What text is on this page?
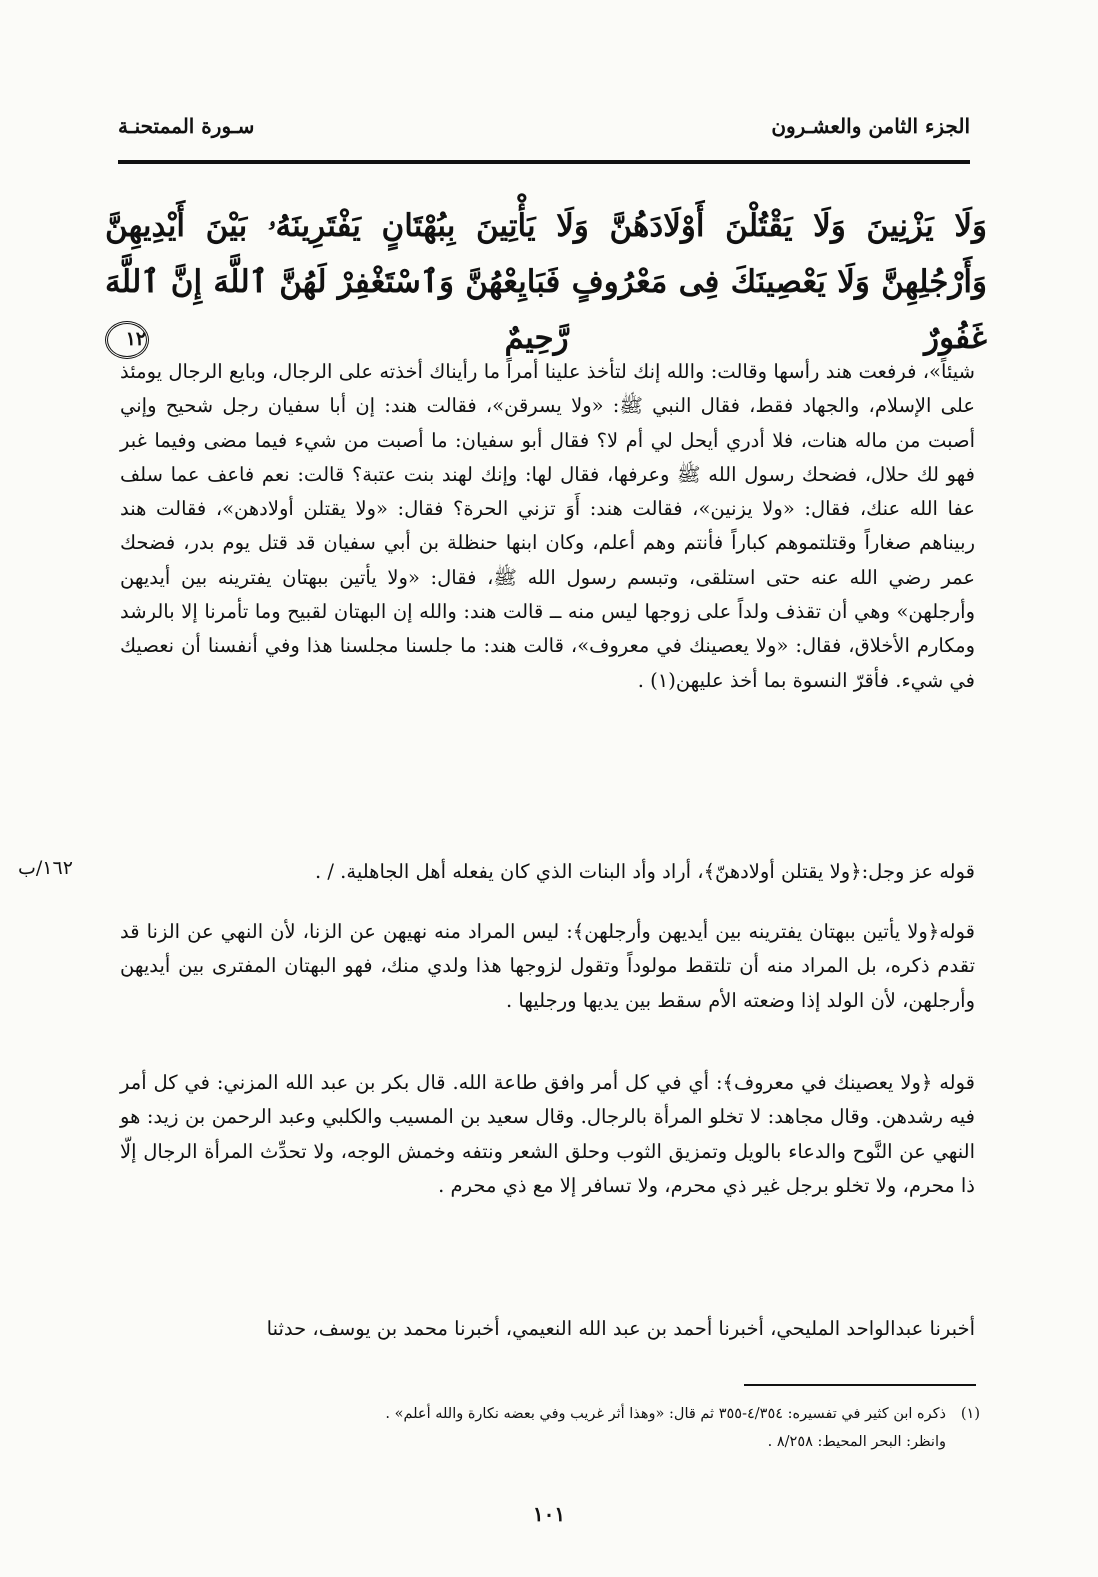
الجزء الثامن والعشـرون
سـورة الممتحنـة
وَلَا يَزْنِينَ وَلَا يَقْتُلْنَ أَوْلَادَهُنَّ وَلَا يَأْتِينَ بِبُهْتَانٍ يَفْتَرِينَهُۥ بَيْنَ أَيْدِيهِنَّ وَأَرْجُلِهِنَّ وَلَا يَعْصِينَكَ فِى مَعْرُوفٍ فَبَايِعْهُنَّ وَٱسْتَغْفِرْ لَهُنَّ ٱللَّهَ إِنَّ ٱللَّهَ غَفُورٌ رَّحِيمٌ ١٢

شيئاً»، فرفعت هند رأسها وقالت: والله إنك لتأخذ علينا أمراً ما رأيناك أخذته على الرجال، وبايع الرجال يومئذ على الإسلام، والجهاد فقط، فقال النبي ﷺ: «ولا يسرقن»، فقالت هند: إن أبا سفيان رجل شحيح وإني أصبت من ماله هنات، فلا أدري أيحل لي أم لا؟ فقال أبو سفيان: ما أصبت من شيء فيما مضى وفيما غبر فهو لك حلال، فضحك رسول الله ﷺ وعرفها، فقال لها: وإنك لهند بنت عتبة؟ قالت: نعم فاعف عما سلف عفا الله عنك، فقال: «ولا يزنين»، فقالت هند: أَوَ تزني الحرة؟ فقال: «ولا يقتلن أولادهن»، فقالت هند ربيناهم صغاراً وقتلتموهم كباراً فأنتم وهم أعلم، وكان ابنها حنظلة بن أبي سفيان قد قتل يوم بدر، فضحك عمر رضي الله عنه حتى استلقى، وتبسم رسول الله ﷺ، فقال: «ولا يأتين ببهتان يفترينه بين أيديهن وأرجلهن» وهي أن تقذف ولداً على زوجها ليس منه ــ قالت هند: والله إن البهتان لقبيح وما تأمرنا إلا بالرشد ومكارم الأخلاق، فقال: «ولا يعصينك في معروف»، قالت هند: ما جلسنا مجلسنا هذا وفي أنفسنا أن نعصيك في شيء. فأقرّ النسوة بما أخذ عليهن(١) .

١٦٢/ب	قوله عز وجل:﴿ولا يقتلن أولادهنّ﴾، أراد وأد البنات الذي كان يفعله أهل الجاهلية. / .

قوله﴿ولا يأتين ببهتان يفترينه بين أيديهن وأرجلهن﴾: ليس المراد منه نهيهن عن الزنا، لأن النهي عن الزنا قد تقدم ذكره، بل المراد منه أن تلتقط مولوداً وتقول لزوجها هذا ولدي منك، فهو البهتان المفترى بين أيديهن وأرجلهن، لأن الولد إذا وضعته الأم سقط بين يديها ورجليها .

قوله ﴿ولا يعصينك في معروف﴾: أي في كل أمر وافق طاعة الله. قال بكر بن عبد الله المزني: في كل أمر فيه رشدهن. وقال مجاهد: لا تخلو المرأة بالرجال. وقال سعيد بن المسيب والكلبي وعبد الرحمن بن زيد: هو النهي عن النَّوح والدعاء بالويل وتمزيق الثوب وحلق الشعر ونتفه وخمش الوجه، ولا تحدِّث المرأة الرجال إلّا ذا محرم، ولا تخلو برجل غير ذي محرم، ولا تسافر إلا مع ذي محرم .

أخبرنا عبدالواحد المليحي، أخبرنا أحمد بن عبد الله النعيمي، أخبرنا محمد بن يوسف، حدثنا

(١)ذكره ابن كثير في تفسيره: ٤/٣٥٤-٣٥٥ ثم قال: «وهذا أثر غريب وفي بعضه نكارة والله أعلم» .
وانظر: البحر المحيط: ٨/٢٥٨ .
١٠١
